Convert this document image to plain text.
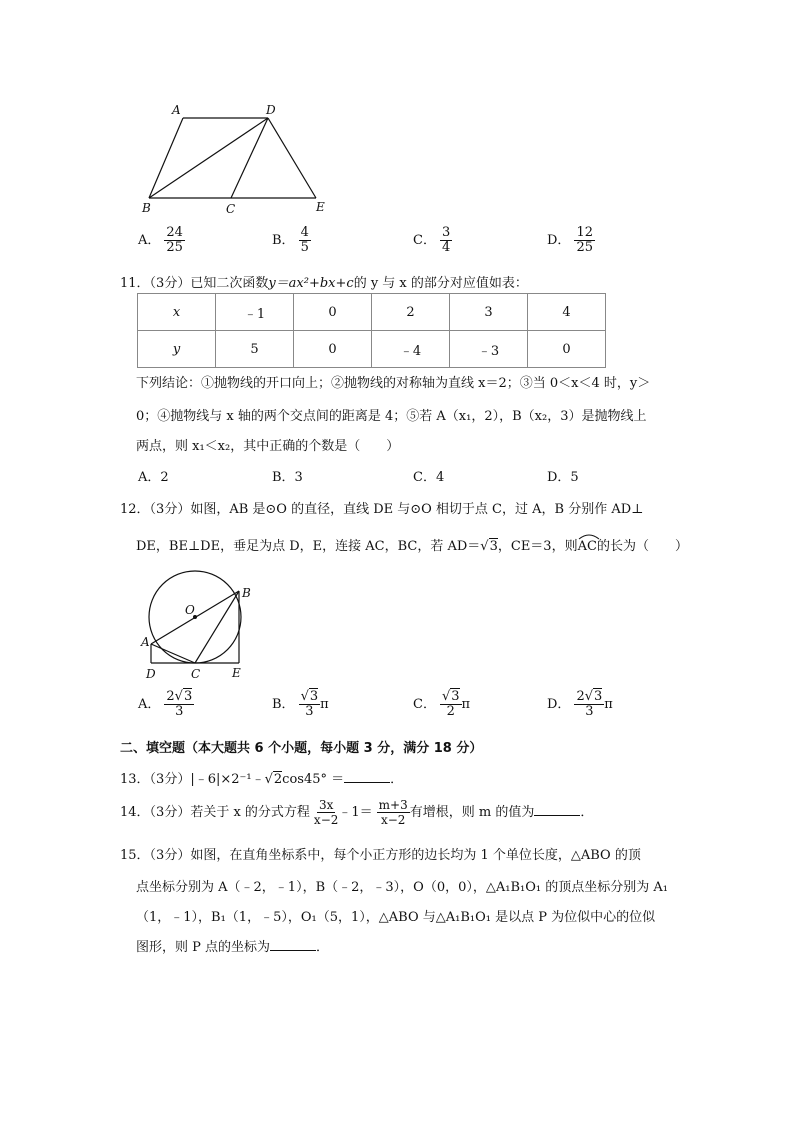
A	D
B	C	E
A． $\frac{24}{25}$	B． $\frac{4}{5}$	C． $\frac{3}{4}$	D． $\frac{12}{25}$
11．（3分）已知二次函数y＝ax²+bx+c的 y 与 x 的部分对应值如表：
x	﹣1	0	2	3	4
y	5	0	﹣4	﹣3	0
下列结论：①抛物线的开口向上；②抛物线的对称轴为直线 x＝2；③当 0＜x＜4 时，y＞
0；④抛物线与 x 轴的两个交点间的距离是 4；⑤若 A（x₁，2），B（x₂，3）是抛物线上
两点，则 x₁＜x₂，其中正确的个数是（　　）
A．2	B．3	C．4	D．5
12．（3分）如图，AB 是⊙O 的直径，直线 DE 与⊙O 相切于点 C，过 A，B 分别作 AD⊥
DE，BE⊥DE，垂足为点 D，E，连接 AC，BC，若 AD＝√3，CE＝3，则
AC的长为（　　）
O
B
A
D	C	E
A． $\frac{2√3}{3}$	B． $\frac{√3}{3}$ π	C． $\frac{√3}{2}$ π	D． $\frac{2√3}{3}$ π
二、填空题（本大题共 6 个小题，每小题 3 分，满分 18 分）
13．（3分）|﹣6|×2⁻¹﹣√2cos45° ＝	．
14．（3分）若关于 x 的分式方程 $\frac{3x}{x-2}$ ﹣1＝ $\frac{m+3}{x-2}$ 有增根，则 m 的值为	．
15．（3分）如图，在直角坐标系中，每个小正方形的边长均为 1 个单位长度，△ABO 的顶
点坐标分别为 A（﹣2，﹣1），B（﹣2，﹣3），O（0，0），△A₁B₁O₁ 的顶点坐标分别为 A₁
（1，﹣1），B₁（1，﹣5），O₁（5，1），△ABO 与△A₁B₁O₁ 是以点 P 为位似中心的位似
图形，则 P 点的坐标为	．
